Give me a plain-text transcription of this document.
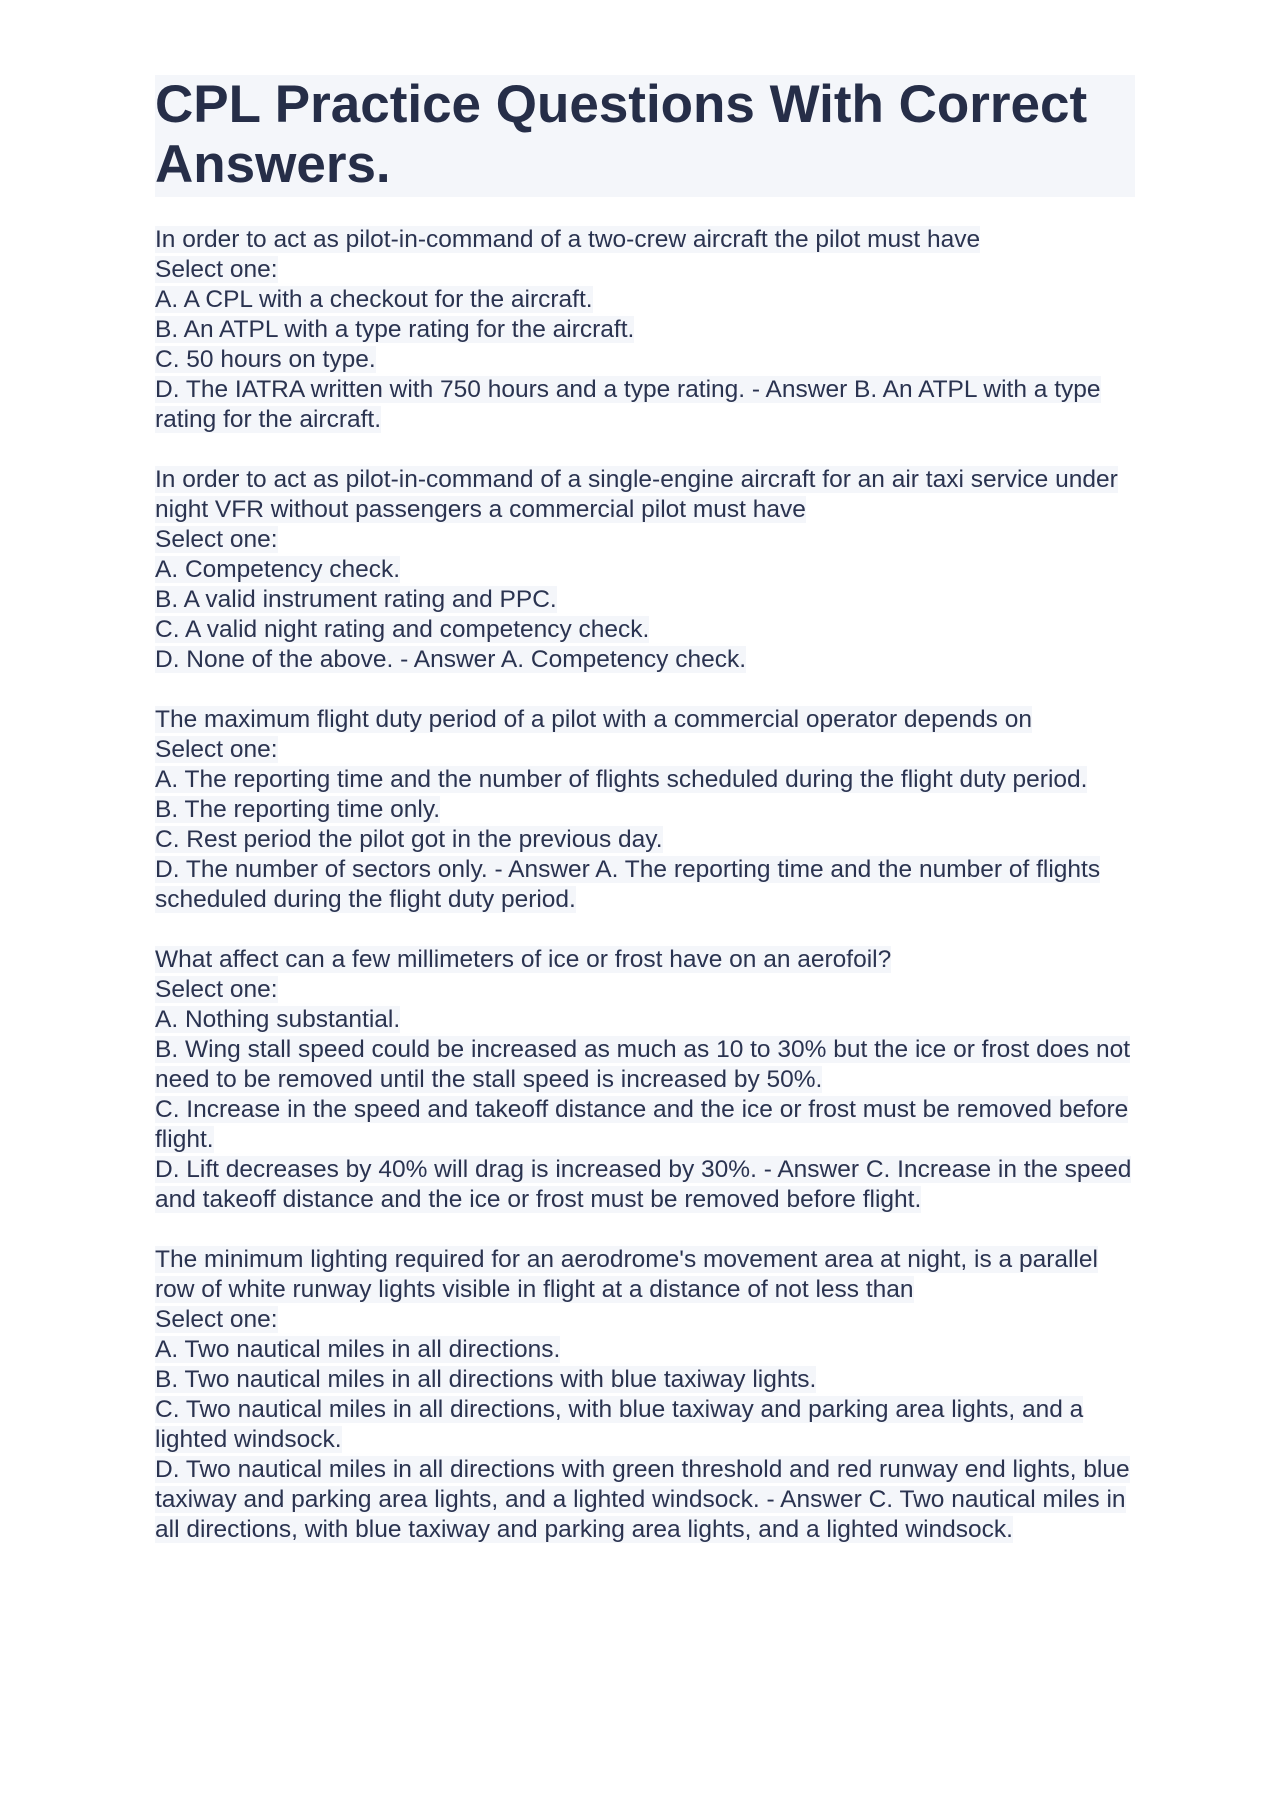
CPL Practice Questions With Correct Answers.
In order to act as pilot-in-command of a two-crew aircraft the pilot must have
Select one:
A. A CPL with a checkout for the aircraft.
B. An ATPL with a type rating for the aircraft.
C. 50 hours on type.
D. The IATRA written with 750 hours and a type rating. - Answer B. An ATPL with a type rating for the aircraft.
In order to act as pilot-in-command of a single-engine aircraft for an air taxi service under night VFR without passengers a commercial pilot must have
Select one:
A. Competency check.
B. A valid instrument rating and PPC.
C. A valid night rating and competency check.
D. None of the above. - Answer A. Competency check.
The maximum flight duty period of a pilot with a commercial operator depends on
Select one:
A. The reporting time and the number of flights scheduled during the flight duty period.
B. The reporting time only.
C. Rest period the pilot got in the previous day.
D. The number of sectors only. - Answer A. The reporting time and the number of flights scheduled during the flight duty period.
What affect can a few millimeters of ice or frost have on an aerofoil?
Select one:
A. Nothing substantial.
B. Wing stall speed could be increased as much as 10 to 30% but the ice or frost does not need to be removed until the stall speed is increased by 50%.
C. Increase in the speed and takeoff distance and the ice or frost must be removed before flight.
D. Lift decreases by 40% will drag is increased by 30%. - Answer C. Increase in the speed and takeoff distance and the ice or frost must be removed before flight.
The minimum lighting required for an aerodrome's movement area at night, is a parallel row of white runway lights visible in flight at a distance of not less than
Select one:
A. Two nautical miles in all directions.
B. Two nautical miles in all directions with blue taxiway lights.
C. Two nautical miles in all directions, with blue taxiway and parking area lights, and a lighted windsock.
D. Two nautical miles in all directions with green threshold and red runway end lights, blue taxiway and parking area lights, and a lighted windsock. - Answer C. Two nautical miles in all directions, with blue taxiway and parking area lights, and a lighted windsock.
